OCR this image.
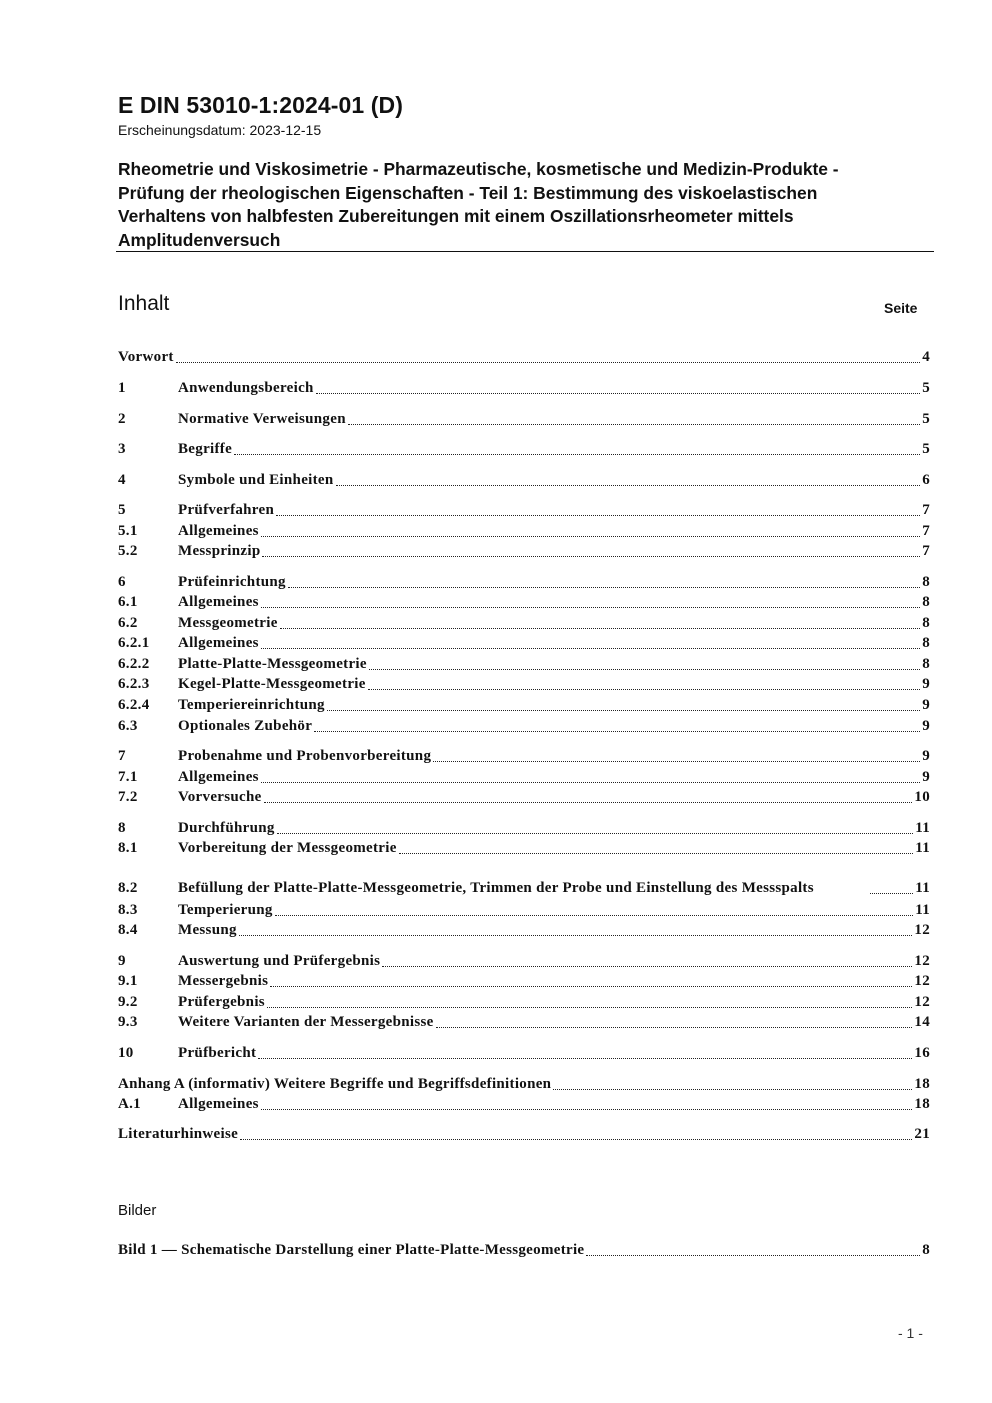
E DIN 53010-1:2024-01 (D)
Erscheinungsdatum: 2023-12-15
Rheometrie und Viskosimetrie - Pharmazeutische, kosmetische und Medizin-Produkte - Prüfung der rheologischen Eigenschaften - Teil 1: Bestimmung des viskoelastischen Verhaltens von halbfesten Zubereitungen mit einem Oszillationsrheometer mittels Amplitudenversuch
Inhalt	Seite
Vorwort	4
1	Anwendungsbereich	5
2	Normative Verweisungen	5
3	Begriffe	5
4	Symbole und Einheiten	6
5	Prüfverfahren	7
5.1	Allgemeines	7
5.2	Messprinzip	7
6	Prüfeinrichtung	8
6.1	Allgemeines	8
6.2	Messgeometrie	8
6.2.1	Allgemeines	8
6.2.2	Platte-Platte-Messgeometrie	8
6.2.3	Kegel-Platte-Messgeometrie	9
6.2.4	Temperiereinrichtung	9
6.3	Optionales Zubehör	9
7	Probenahme und Probenvorbereitung	9
7.1	Allgemeines	9
7.2	Vorversuche	10
8	Durchführung	11
8.1	Vorbereitung der Messgeometrie	11
8.2	Befüllung der Platte-Platte-Messgeometrie, Trimmen der Probe und Einstellung des Messspalts	11
8.3	Temperierung	11
8.4	Messung	12
9	Auswertung und Prüfergebnis	12
9.1	Messergebnis	12
9.2	Prüfergebnis	12
9.3	Weitere Varianten der Messergebnisse	14
10	Prüfbericht	16
Anhang A (informativ) Weitere Begriffe und Begriffsdefinitionen	18
A.1	Allgemeines	18
Literaturhinweise	21
Bilder
Bild 1 — Schematische Darstellung einer Platte-Platte-Messgeometrie	8
- 1 -
